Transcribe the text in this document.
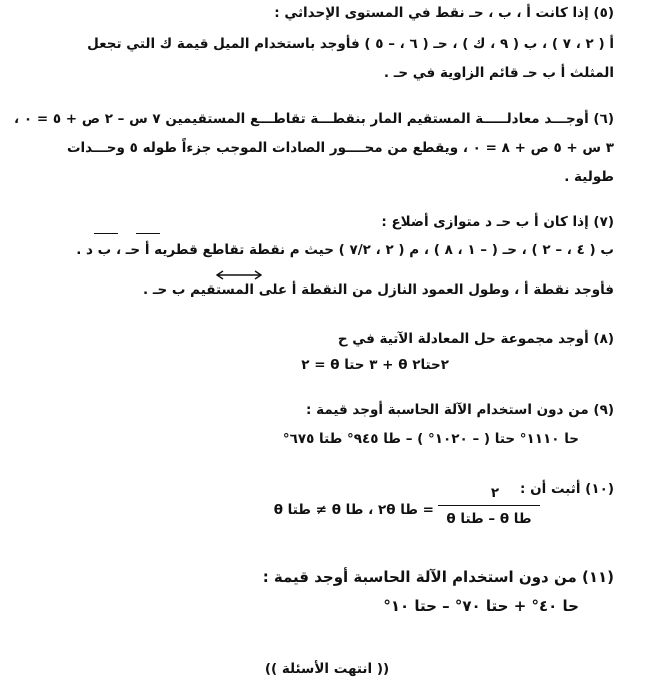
(٥) إذا كانت أ ، ب ، حـ نقط في المستوى الإحداثي :
أ ( ٢ ، ٧ ) ، ب ( ٩ ، ك ) ، حـ ( ٦ ، – ٥ ) فأوجد باستخدام الميل قيمة ك التي تجعل
المثلث أ ب حـ قائم الزاوية في حـ .
(٦) أوجـــد معادلـــــة المستقيم المار بنقطـــة تقاطـــع المستقيمين ٧ س – ٢ ص + ٥ = ٠ ،
٣ س + ٥ ص + ٨ = ٠ ، ويقطع من محــــور الصادات الموجب جزءاً طوله ٥ وحـــدات
طولية .
(٧) إذا كان أ ب حـ د متوازى أضلاع :
ب ( ٤ ، – ٢ ) ، حـ ( – ١ ، ٨ ) ، م ( ٢ ، ٧/٢ ) حيث م نقطة تقاطع قطريه أ حـ ، ب د .
فأوجد نقطة أ ، وطول العمود النازل من النقطة أ على المستقيم ب حـ .
(٨) أوجد مجموعة حل المعادلة الآتية في ح
٢حتا٢ θ + ٣ حتا θ = ٢
(٩) من دون استخدام الآلة الحاسبة أوجد قيمة :
حا ١١١٠° حتا ( – ١٠٢٠° ) – طا ٩٤٥° طتا ٦٧٥°
(١٠) أثبت أن :
٢
طا θ – طتا θ
= طا ٢θ ، طا θ ≠ طتا θ
(١١) من دون استخدام الآلة الحاسبة أوجد قيمة :
حا ٤٠° + حتا ٧٠° – حتا ١٠°
(( انتهت الأسئلة ))
